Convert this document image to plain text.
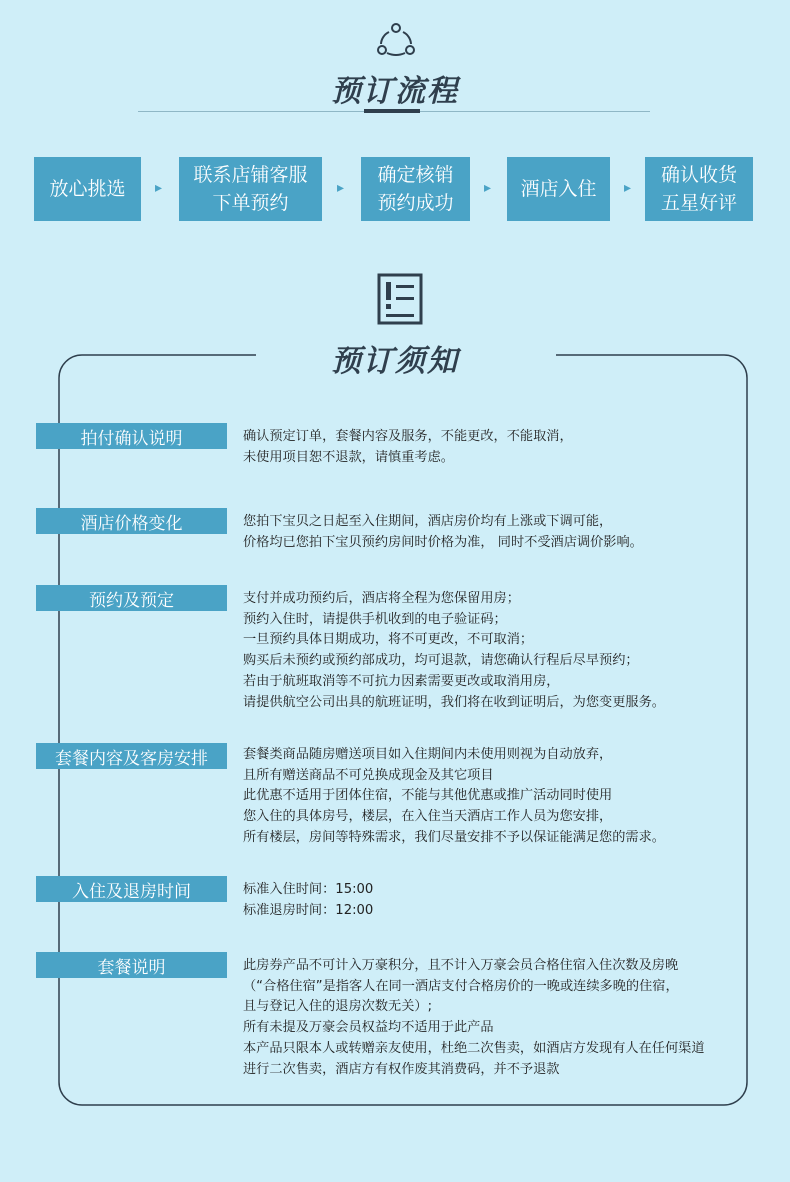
预订流程
放心挑选	▸
联系店铺客服
下单预约
▸
确定核销
预约成功
▸	酒店入住	▸
确认收货
五星好评
预订须知
拍付确认说明	确认预定订单，套餐内容及服务，不能更改，不能取消，
未使用项目恕不退款，请慎重考虑。
酒店价格变化	您拍下宝贝之日起至入住期间，酒店房价均有上涨或下调可能，
价格均已您拍下宝贝预约房间时价格为准， 同时不受酒店调价影响。
预约及预定	支付并成功预约后，酒店将全程为您保留用房；
预约入住时，请提供手机收到的电子验证码；
一旦预约具体日期成功，将不可更改，不可取消；
购买后未预约或预约部成功，均可退款，请您确认行程后尽早预约；
若由于航班取消等不可抗力因素需要更改或取消用房，
请提供航空公司出具的航班证明，我们将在收到证明后，为您变更服务。
套餐内容及客房安排	套餐类商品随房赠送项目如入住期间内未使用则视为自动放弃，
且所有赠送商品不可兑换成现金及其它项目
此优惠不适用于团体住宿，不能与其他优惠或推广活动同时使用
您入住的具体房号，楼层，在入住当天酒店工作人员为您安排，
所有楼层，房间等特殊需求，我们尽量安排不予以保证能满足您的需求。
入住及退房时间	标准入住时间：15:00
标准退房时间：12:00
套餐说明	此房券产品不可计入万豪积分，且不计入万豪会员合格住宿入住次数及房晚
（“合格住宿”是指客人在同一酒店支付合格房价的一晚或连续多晚的住宿，
且与登记入住的退房次数无关）;
所有未提及万豪会员权益均不适用于此产品
本产品只限本人或转赠亲友使用，杜绝二次售卖，如酒店方发现有人在任何渠道
进行二次售卖，酒店方有权作废其消费码，并不予退款
